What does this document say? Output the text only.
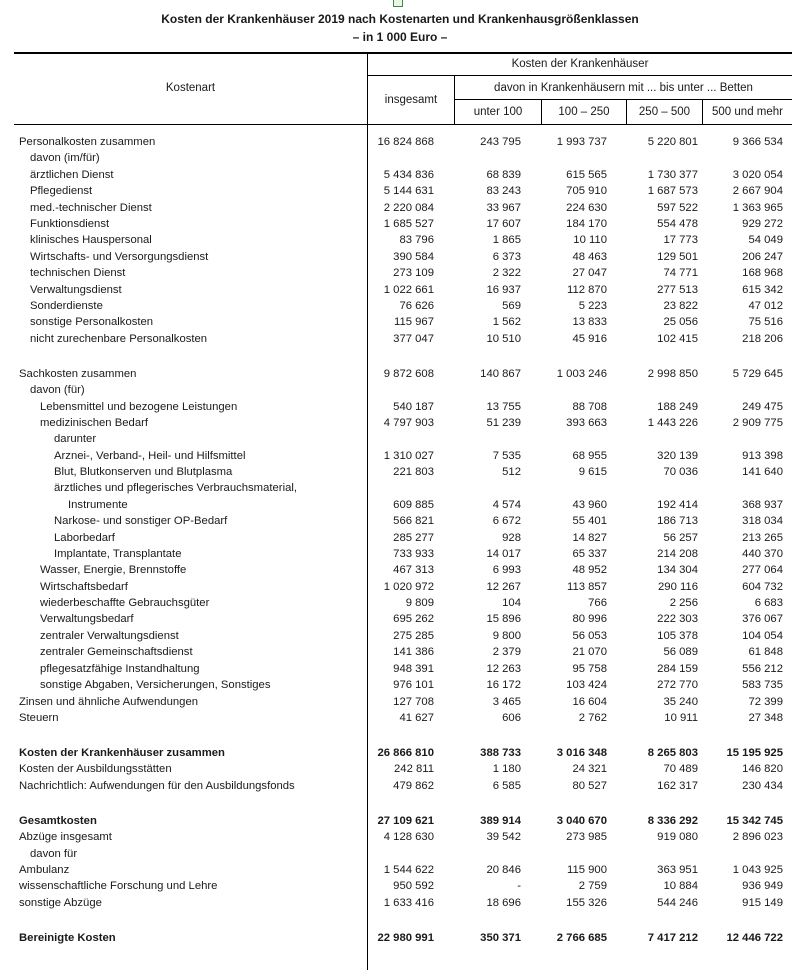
Kosten der Krankenhäuser 2019 nach Kostenarten und Krankenhausgrößenklassen
– in 1 000 Euro –
Kostenart
Kosten der Krankenhäuser
insgesamt
davon in Krankenhäusern mit ... bis unter ... Betten
unter 100	100 – 250	250 – 500	500 und mehr
Personalkosten zusammen	16 824 868	243 795	1 993 737	5 220 801	9 366 534
davon (im/für)
ärztlichen Dienst	5 434 836	68 839	615 565	1 730 377	3 020 054
Pflegedienst	5 144 631	83 243	705 910	1 687 573	2 667 904
med.-technischer Dienst	2 220 084	33 967	224 630	597 522	1 363 965
Funktionsdienst	1 685 527	17 607	184 170	554 478	929 272
klinisches Hauspersonal	83 796	1 865	10 110	17 773	54 049
Wirtschafts- und Versorgungsdienst	390 584	6 373	48 463	129 501	206 247
technischen Dienst	273 109	2 322	27 047	74 771	168 968
Verwaltungsdienst	1 022 661	16 937	112 870	277 513	615 342
Sonderdienste	76 626	569	5 223	23 822	47 012
sonstige Personalkosten	115 967	1 562	13 833	25 056	75 516
nicht zurechenbare Personalkosten	377 047	10 510	45 916	102 415	218 206
Sachkosten zusammen	9 872 608	140 867	1 003 246	2 998 850	5 729 645
davon (für)
Lebensmittel und bezogene Leistungen	540 187	13 755	88 708	188 249	249 475
medizinischen Bedarf	4 797 903	51 239	393 663	1 443 226	2 909 775
darunter
Arznei-, Verband-, Heil- und Hilfsmittel	1 310 027	7 535	68 955	320 139	913 398
Blut, Blutkonserven und Blutplasma	221 803	512	9 615	70 036	141 640
ärztliches und pflegerisches Verbrauchsmaterial,
Instrumente	609 885	4 574	43 960	192 414	368 937
Narkose- und sonstiger OP-Bedarf	566 821	6 672	55 401	186 713	318 034
Laborbedarf	285 277	928	14 827	56 257	213 265
Implantate, Transplantate	733 933	14 017	65 337	214 208	440 370
Wasser, Energie, Brennstoffe	467 313	6 993	48 952	134 304	277 064
Wirtschaftsbedarf	1 020 972	12 267	113 857	290 116	604 732
wiederbeschaffte Gebrauchsgüter	9 809	104	766	2 256	6 683
Verwaltungsbedarf	695 262	15 896	80 996	222 303	376 067
zentraler Verwaltungsdienst	275 285	9 800	56 053	105 378	104 054
zentraler Gemeinschaftsdienst	141 386	2 379	21 070	56 089	61 848
pflegesatzfähige Instandhaltung	948 391	12 263	95 758	284 159	556 212
sonstige Abgaben, Versicherungen, Sonstiges	976 101	16 172	103 424	272 770	583 735
Zinsen und ähnliche Aufwendungen	127 708	3 465	16 604	35 240	72 399
Steuern	41 627	606	2 762	10 911	27 348
Kosten der Krankenhäuser zusammen	26 866 810	388 733	3 016 348	8 265 803	15 195 925
Kosten der Ausbildungsstätten	242 811	1 180	24 321	70 489	146 820
Nachrichtlich: Aufwendungen für den Ausbildungsfonds	479 862	6 585	80 527	162 317	230 434
Gesamtkosten	27 109 621	389 914	3 040 670	8 336 292	15 342 745
Abzüge insgesamt	4 128 630	39 542	273 985	919 080	2 896 023
davon für
Ambulanz	1 544 622	20 846	115 900	363 951	1 043 925
wissenschaftliche Forschung und Lehre	950 592	-	2 759	10 884	936 949
sonstige Abzüge	1 633 416	18 696	155 326	544 246	915 149
Bereinigte Kosten	22 980 991	350 371	2 766 685	7 417 212	12 446 722
